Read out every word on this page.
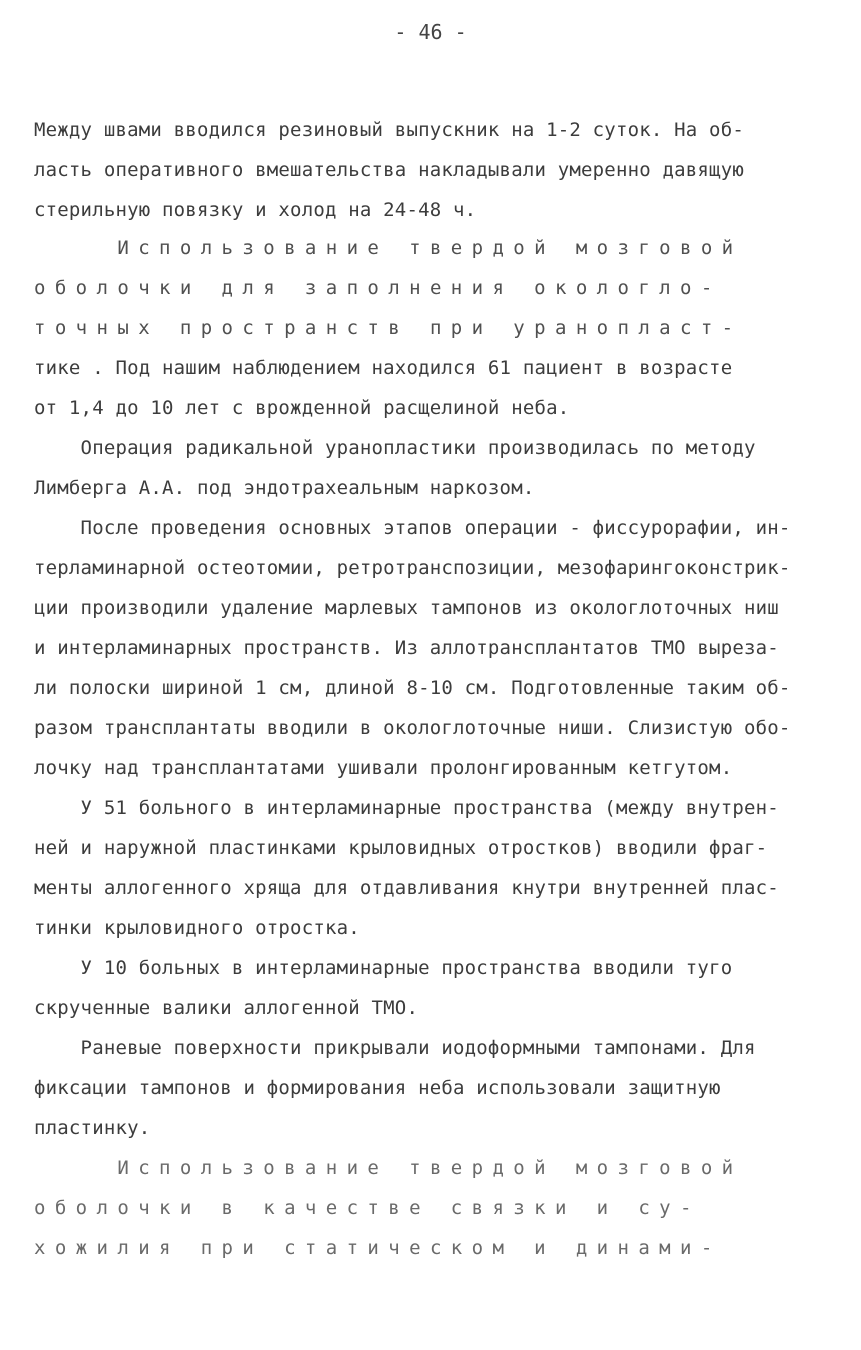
- 46 -
Между швами вводился резиновый выпускник на 1-2 суток. На об-
ласть оперативного вмешательства накладывали умеренно давящую
стерильную повязку и холод на 24-48 ч.
Использование твердой мозговой
оболочки для заполнения окологло-
точных пространств при уранопласт-
тике . Под нашим наблюдением находился 61 пациент в возрасте
от 1,4 до 10 лет с врожденной расщелиной неба.
Операция радикальной уранопластики производилась по методу
Лимберга А.А. под эндотрахеальным наркозом.
После проведения основных этапов операции - фиссурорафии, ин-
терламинарной остеотомии, ретротранспозиции, мезофарингоконстрик-
ции производили удаление марлевых тампонов из окологлоточных ниш
и интерламинарных пространств. Из аллотрансплантатов ТМО выреза-
ли полоски шириной 1 см, длиной 8-10 см. Подготовленные таким об-
разом трансплантаты вводили в окологлоточные ниши. Слизистую обо-
лочку над трансплантатами ушивали пролонгированным кетгутом.
У 51 больного в интерламинарные пространства (между внутрен-
ней и наружной пластинками крыловидных отростков) вводили фраг-
менты аллогенного хряща для отдавливания кнутри внутренней плас-
тинки крыловидного отростка.
У 10 больных в интерламинарные пространства вводили туго
скрученные валики аллогенной ТМО.
Раневые поверхности прикрывали иодоформными тампонами. Для
фиксации тампонов и формирования неба использовали защитную
пластинку.
Использование твердой мозговой
оболочки в качестве связки и су-
хожилия при статическом и динами-
